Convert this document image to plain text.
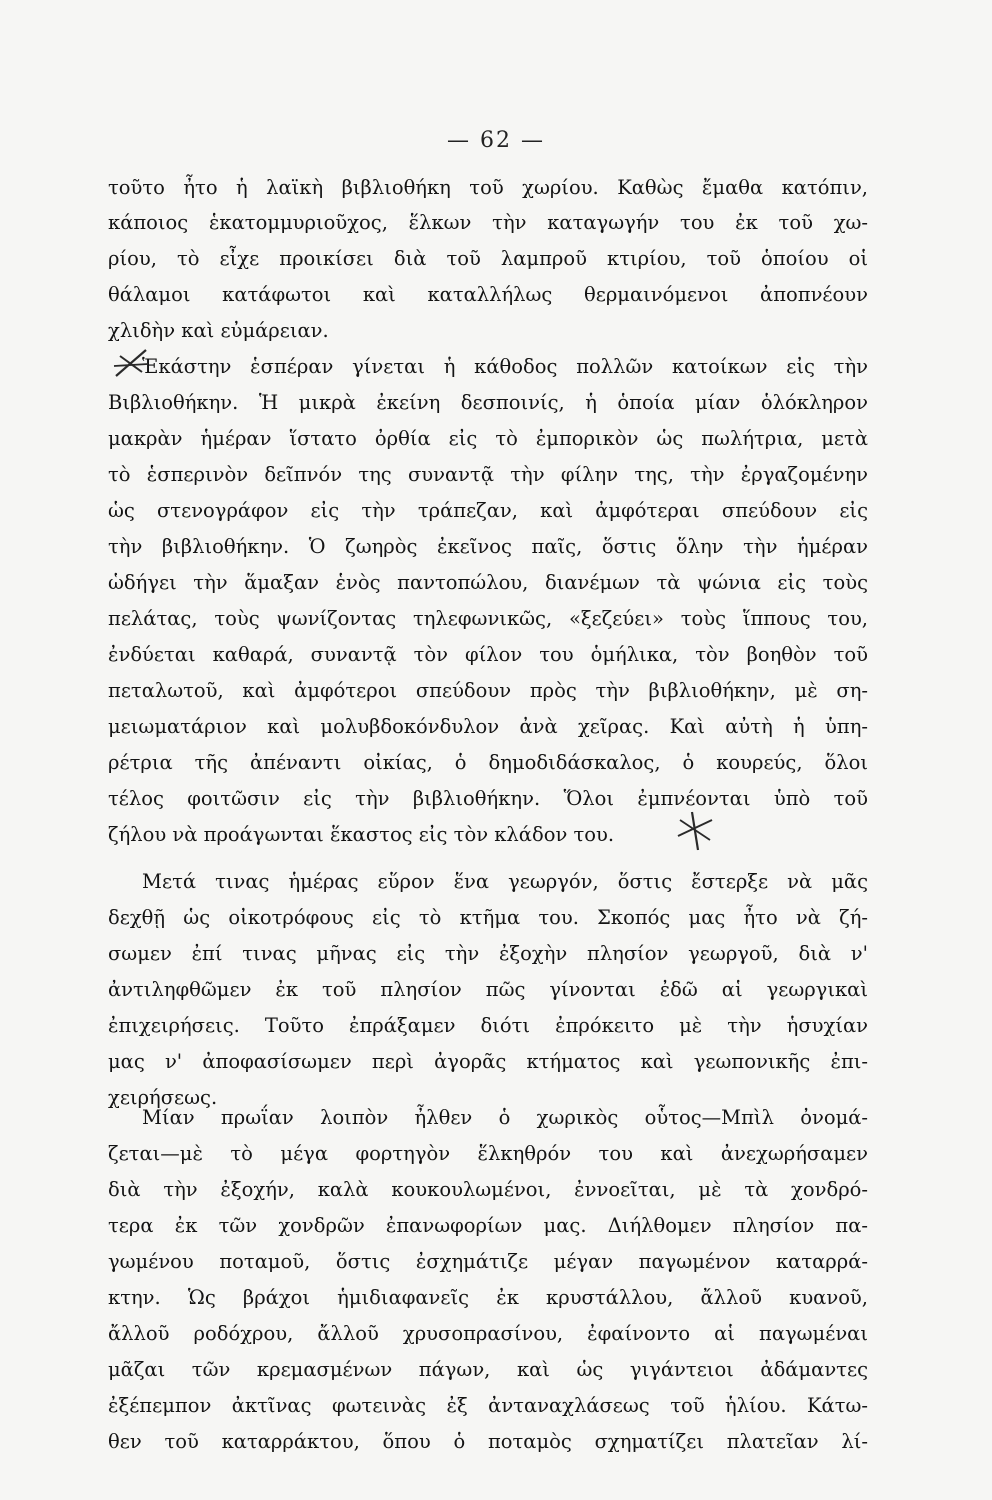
— 62 —
τοῦτο ἦτο ἡ λαϊκὴ βιβλιοθήκη τοῦ χωρίου. Καθὼς ἔμαθα κατόπιν,
κάποιος ἑκατομμυριοῦχος, ἕλκων τὴν καταγωγήν του ἐκ τοῦ χω-
ρίου, τὸ εἶχε προικίσει διὰ τοῦ λαμπροῦ κτιρίου, τοῦ ὁποίου οἱ
θάλαμοι κατάφωτοι καὶ καταλλήλως θερμαινόμενοι ἀποπνέουν
χλιδὴν καὶ εὐμάρειαν.
Ἑκάστην ἑσπέραν γίνεται ἡ κάθοδος πολλῶν κατοίκων εἰς τὴν
Βιβλιοθήκην. Ἡ μικρὰ ἐκείνη δεσποινίς, ἡ ὁποία μίαν ὁλόκληρον
μακρὰν ἡμέραν ἵστατο ὀρθία εἰς τὸ ἐμπορικὸν ὡς πωλήτρια, μετὰ
τὸ ἑσπερινὸν δεῖπνόν της συναντᾷ τὴν φίλην της, τὴν ἐργαζομένην
ὡς στενογράφον εἰς τὴν τράπεζαν, καὶ ἀμφότεραι σπεύδουν εἰς
τὴν βιβλιοθήκην. Ὁ ζωηρὸς ἐκεῖνος παῖς, ὅστις ὅλην τὴν ἡμέραν
ὡδήγει τὴν ἅμαξαν ἑνὸς παντοπώλου, διανέμων τὰ ψώνια εἰς τοὺς
πελάτας, τοὺς ψωνίζοντας τηλεφωνικῶς, «ξεζεύει» τοὺς ἵππους του,
ἐνδύεται καθαρά, συναντᾷ τὸν φίλον του ὁμήλικα, τὸν βοηθὸν τοῦ
πεταλωτοῦ, καὶ ἀμφότεροι σπεύδουν πρὸς τὴν βιβλιοθήκην, μὲ ση-
μειωματάριον καὶ μολυβδοκόνδυλον ἀνὰ χεῖρας. Καὶ αὐτὴ ἡ ὑπη-
ρέτρια τῆς ἀπέναντι οἰκίας, ὁ δημοδιδάσκαλος, ὁ κουρεύς, ὅλοι
τέλος φοιτῶσιν εἰς τὴν βιβλιοθήκην. Ὅλοι ἐμπνέονται ὑπὸ τοῦ
ζήλου νὰ προάγωνται ἕκαστος εἰς τὸν κλάδον του.
Μετά τινας ἡμέρας εὕρον ἕνα γεωργόν, ὅστις ἔστερξε νὰ μᾶς
δεχθῇ ὡς οἰκοτρόφους εἰς τὸ κτῆμα του. Σκοπός μας ἦτο νὰ ζή-
σωμεν ἐπί τινας μῆνας εἰς τὴν ἐξοχὴν πλησίον γεωργοῦ, διὰ ν'
ἀντιληφθῶμεν ἐκ τοῦ πλησίον πῶς γίνονται ἐδῶ αἱ γεωργικαὶ
ἐπιχειρήσεις. Τοῦτο ἐπράξαμεν διότι ἐπρόκειτο μὲ τὴν ἡσυχίαν
μας ν' ἀποφασίσωμεν περὶ ἀγορᾶς κτήματος καὶ γεωπονικῆς ἐπι-
χειρήσεως.
Μίαν πρωΐαν λοιπὸν ἦλθεν ὁ χωρικὸς οὗτος—Μπὶλ ὀνομά-
ζεται—μὲ τὸ μέγα φορτηγὸν ἕλκηθρόν του καὶ ἀνεχωρήσαμεν
διὰ τὴν ἐξοχήν, καλὰ κουκουλωμένοι, ἐννοεῖται, μὲ τὰ χονδρό-
τερα ἐκ τῶν χονδρῶν ἐπανωφορίων μας. Διήλθομεν πλησίον πα-
γωμένου ποταμοῦ, ὅστις ἐσχημάτιζε μέγαν παγωμένον καταρρά-
κτην. Ὡς βράχοι ἡμιδιαφανεῖς ἐκ κρυστάλλου, ἄλλοῦ κυανοῦ,
ἄλλοῦ ροδόχρου, ἄλλοῦ χρυσοπρασίνου, ἐφαίνοντο αἱ παγωμέναι
μᾶζαι τῶν κρεμασμένων πάγων, καὶ ὡς γιγάντειοι ἀδάμαντες
ἐξέπεμπον ἀκτῖνας φωτεινὰς ἐξ ἀνταναχλάσεως τοῦ ἡλίου. Κάτω-
θεν τοῦ καταρράκτου, ὅπου ὁ ποταμὸς σχηματίζει πλατεῖαν λί-
